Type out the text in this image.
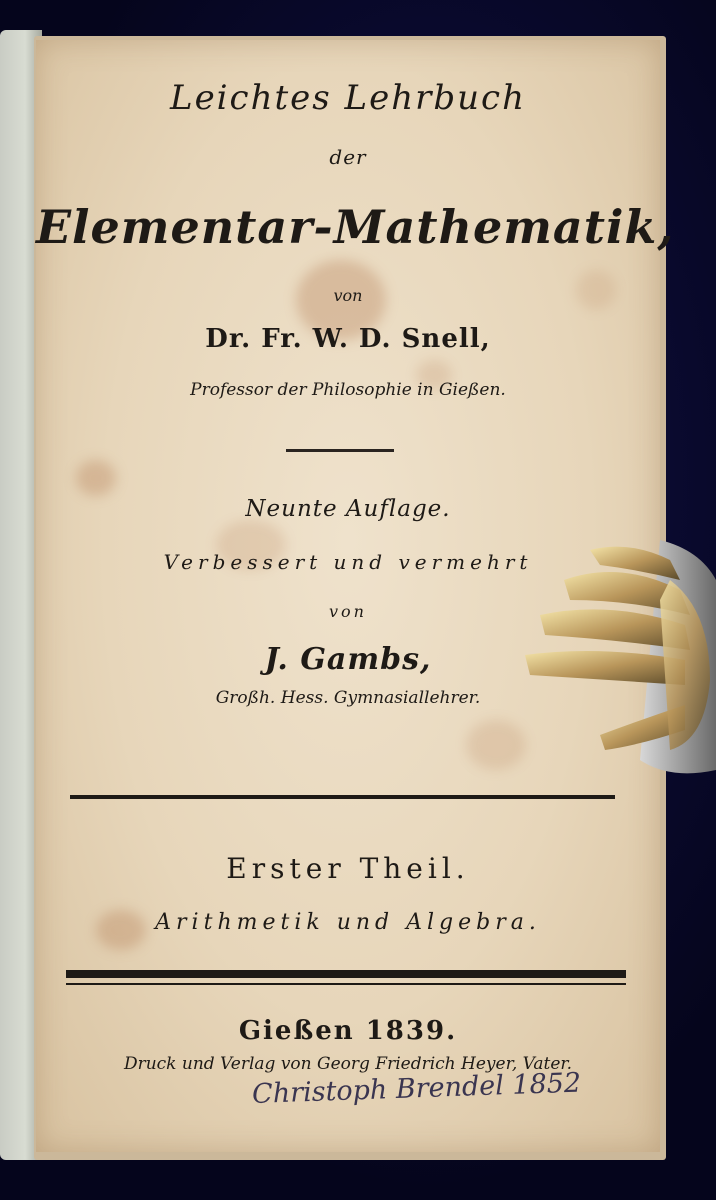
Leichtes Lehrbuch
der
Elementar-Mathematik,
von
Dr. Fr. W. D. Snell,
Professor der Philosophie in Gießen.
Neunte Auflage.
Verbessert und vermehrt
von
J. Gambs,
Großh. Hess. Gymnasiallehrer.
Erster Theil.
Arithmetik und Algebra.
Gießen 1839.
Druck und Verlag von Georg Friedrich Heyer, Vater.
Christoph Brendel 1852
